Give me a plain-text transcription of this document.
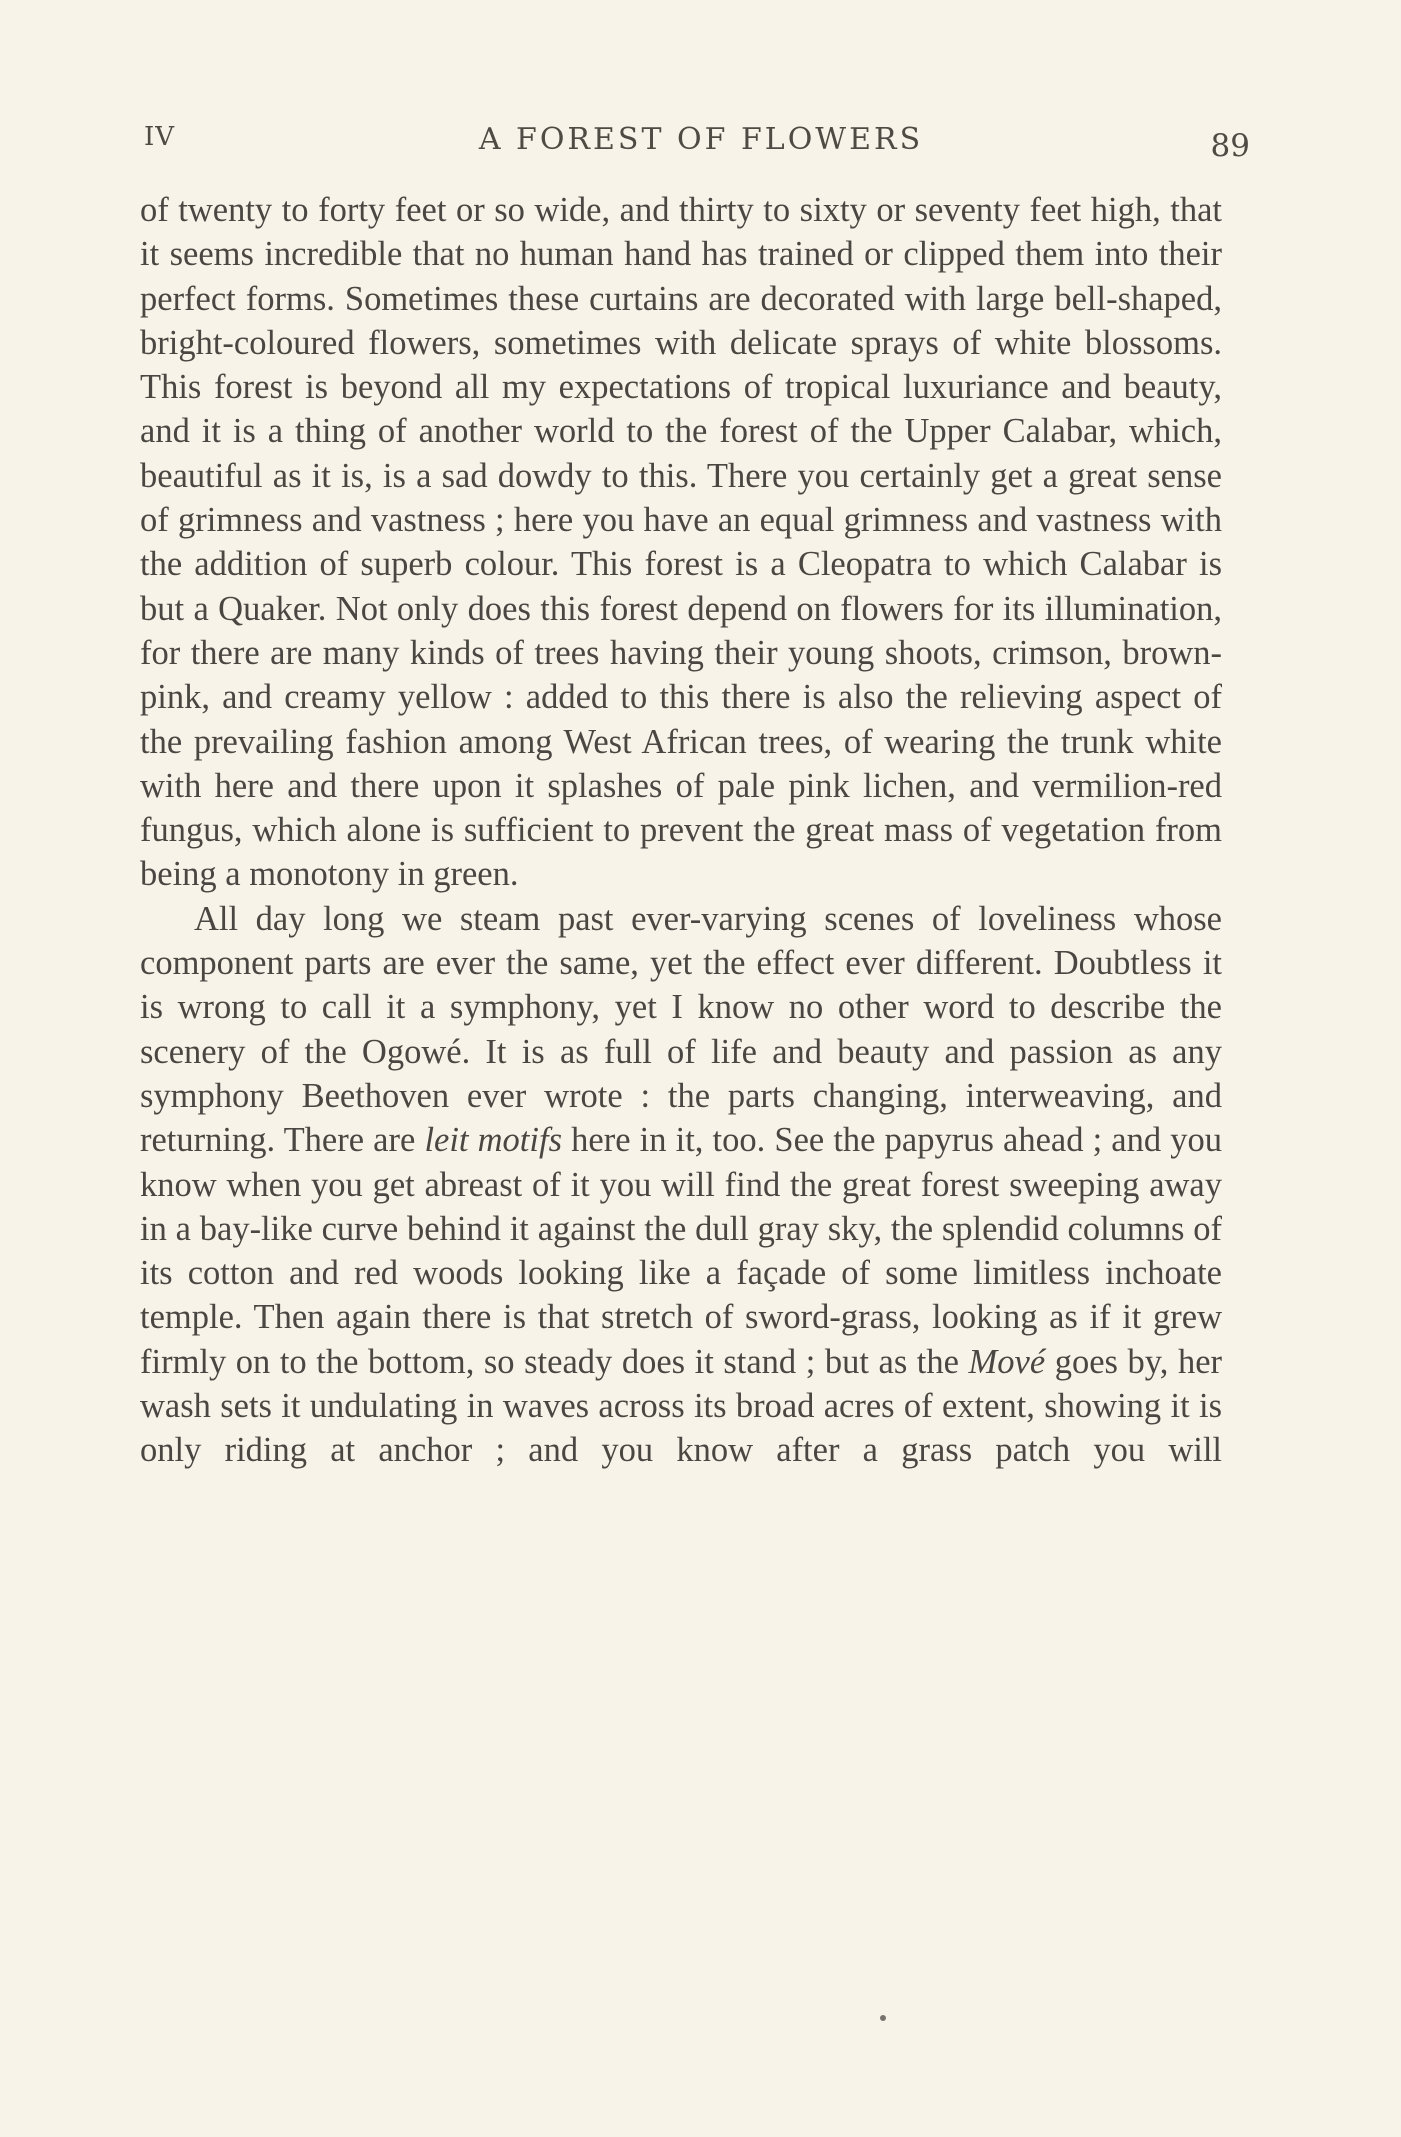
IV	A FOREST OF FLOWERS	89

of twenty to forty feet or so wide, and thirty to sixty or seventy feet high, that it seems incredible that no human hand has trained or clipped them into their perfect forms. Sometimes these curtains are decorated with large bell-shaped, bright-coloured flowers, sometimes with delicate sprays of white blossoms. This forest is beyond all my expectations of tropical luxuriance and beauty, and it is a thing of another world to the forest of the Upper Calabar, which, beautiful as it is, is a sad dowdy to this. There you certainly get a great sense of grimness and vastness ; here you have an equal grimness and vastness with the addition of superb colour. This forest is a Cleopatra to which Calabar is but a Quaker. Not only does this forest depend on flowers for its illumination, for there are many kinds of trees having their young shoots, crimson, brown-pink, and creamy yellow : added to this there is also the relieving aspect of the prevailing fashion among West African trees, of wearing the trunk white with here and there upon it splashes of pale pink lichen, and vermilion-red fungus, which alone is sufficient to prevent the great mass of vegetation from being a monotony in green.

All day long we steam past ever-varying scenes of loveliness whose component parts are ever the same, yet the effect ever different. Doubtless it is wrong to call it a symphony, yet I know no other word to describe the scenery of the Ogowé. It is as full of life and beauty and passion as any symphony Beethoven ever wrote : the parts changing, interweaving, and returning. There are leit motifs here in it, too. See the papyrus ahead ; and you know when you get abreast of it you will find the great forest sweeping away in a bay-like curve behind it against the dull gray sky, the splendid columns of its cotton and red woods looking like a façade of some limitless inchoate temple. Then again there is that stretch of sword-grass, looking as if it grew firmly on to the bottom, so steady does it stand ; but as the Mové goes by, her wash sets it undulating in waves across its broad acres of extent, showing it is only riding at anchor ; and you know after a grass patch you will
